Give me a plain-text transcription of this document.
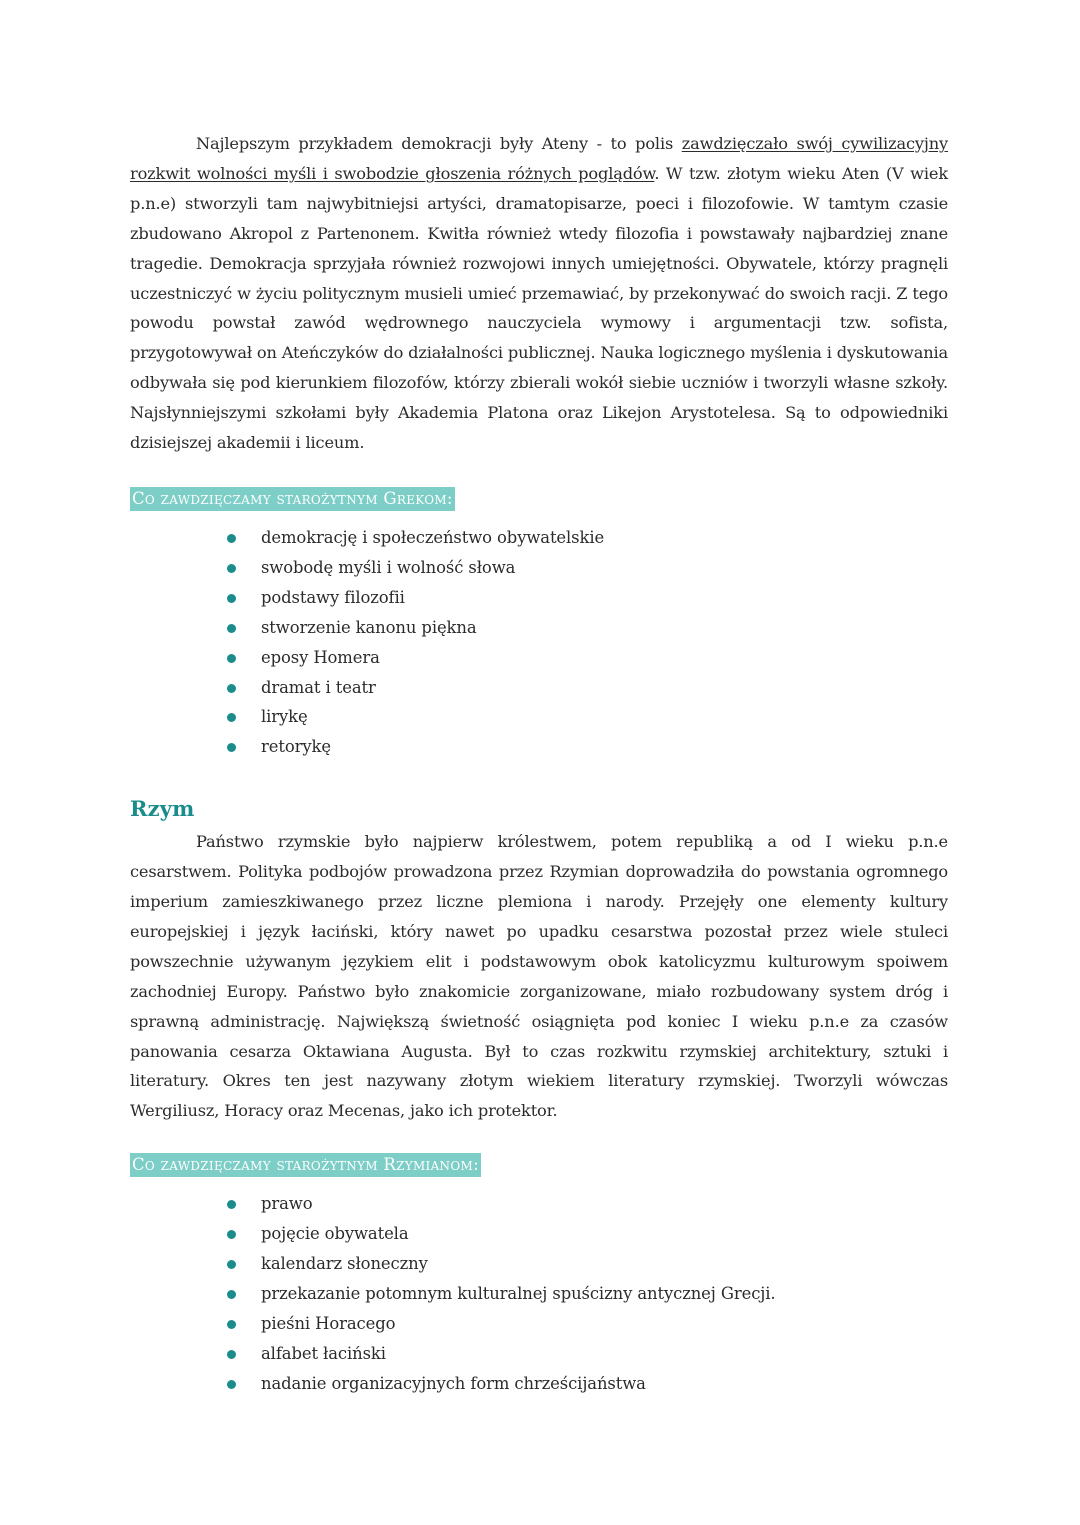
Najlepszym przykładem demokracji były Ateny - to polis zawdzięczało swój cywilizacyjny rozkwit wolności myśli i swobodzie głoszenia różnych poglądów. W tzw. złotym wieku Aten (V wiek p.n.e) stworzyli tam najwybitniejsi artyści, dramatopisarze, poeci i filozofowie. W tamtym czasie zbudowano Akropol z Partenonem. Kwitła również wtedy filozofia i powstawały najbardziej znane tragedie. Demokracja sprzyjała również rozwojowi innych umiejętności. Obywatele, którzy pragnęli uczestniczyć w życiu politycznym musieli umieć przemawiać, by przekonywać do swoich racji. Z tego powodu powstał zawód wędrownego nauczyciela wymowy i argumentacji tzw. sofista, przygotowywał on Ateńczyków do działalności publicznej. Nauka logicznego myślenia i dyskutowania odbywała się pod kierunkiem filozofów, którzy zbierali wokół siebie uczniów i tworzyli własne szkoły. Najsłynniejszymi szkołami były Akademia Platona oraz Likejon Arystotelesa. Są to odpowiedniki dzisiejszej akademii i liceum.

Co zawdzięczamy starożytnym Grekom:
demokrację i społeczeństwo obywatelskie
swobodę myśli i wolność słowa
podstawy filozofii
stworzenie kanonu piękna
eposy Homera
dramat i teatr
lirykę
retorykę
Rzym

Państwo rzymskie było najpierw królestwem, potem republiką a od I wieku p.n.e cesarstwem. Polityka podbojów prowadzona przez Rzymian doprowadziła do powstania ogromnego imperium zamieszkiwanego przez liczne plemiona i narody. Przejęły one elementy kultury europejskiej i język łaciński, który nawet po upadku cesarstwa pozostał przez wiele stuleci powszechnie używanym językiem elit i podstawowym obok katolicyzmu kulturowym spoiwem zachodniej Europy. Państwo było znakomicie zorganizowane, miało rozbudowany system dróg i sprawną administrację. Największą świetność osiągnięta pod koniec I wieku p.n.e za czasów panowania cesarza Oktawiana Augusta. Był to czas rozkwitu rzymskiej architektury, sztuki i literatury. Okres ten jest nazywany złotym wiekiem literatury rzymskiej. Tworzyli wówczas Wergiliusz, Horacy oraz Mecenas, jako ich protektor.

Co zawdzięczamy starożytnym Rzymianom:
prawo
pojęcie obywatela
kalendarz słoneczny
przekazanie potomnym kulturalnej spuścizny antycznej Grecji.
pieśni Horacego
alfabet łaciński
nadanie organizacyjnych form chrześcijaństwa
